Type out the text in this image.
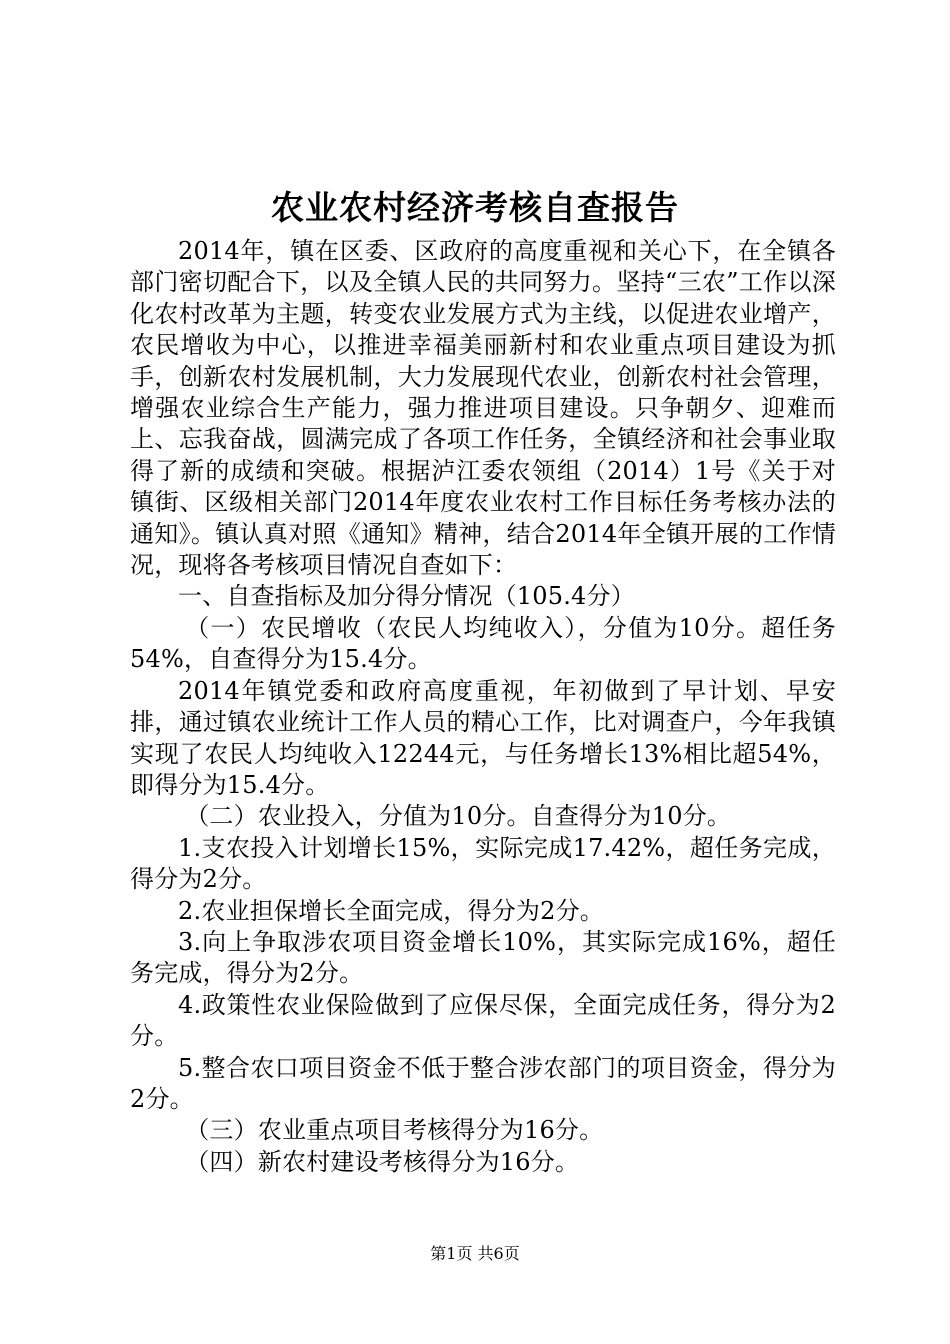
农业农村经济考核自查报告

2014年，镇在区委、区政府的高度重视和关心下，在全镇各部门密切配合下，以及全镇人民的共同努力。坚持“三农”工作以深化农村改革为主题，转变农业发展方式为主线，以促进农业增产，农民增收为中心，以推进幸福美丽新村和农业重点项目建设为抓手，创新农村发展机制，大力发展现代农业，创新农村社会管理，增强农业综合生产能力，强力推进项目建设。只争朝夕、迎难而上、忘我奋战，圆满完成了各项工作任务，全镇经济和社会事业取得了新的成绩和突破。根据泸江委农领组（2014）1号《关于对镇街、区级相关部门2014年度农业农村工作目标任务考核办法的通知》。镇认真对照《通知》精神，结合2014年全镇开展的工作情况，现将各考核项目情况自查如下：

一、自查指标及加分得分情况（105.4分）

（一）农民增收（农民人均纯收入），分值为10分。超任务54%，自查得分为15.4分。

2014年镇党委和政府高度重视，年初做到了早计划、早安排，通过镇农业统计工作人员的精心工作，比对调查户，今年我镇实现了农民人均纯收入12244元，与任务增长13%相比超54%，即得分为15.4分。

（二）农业投入，分值为10分。自查得分为10分。

1.支农投入计划增长15%，实际完成17.42%，超任务完成，得分为2分。

2.农业担保增长全面完成，得分为2分。

3.向上争取涉农项目资金增长10%，其实际完成16%，超任务完成，得分为2分。

4.政策性农业保险做到了应保尽保，全面完成任务，得分为2分。

5.整合农口项目资金不低于整合涉农部门的项目资金，得分为2分。

（三）农业重点项目考核得分为16分。

（四）新农村建设考核得分为16分。

第1页 共6页
